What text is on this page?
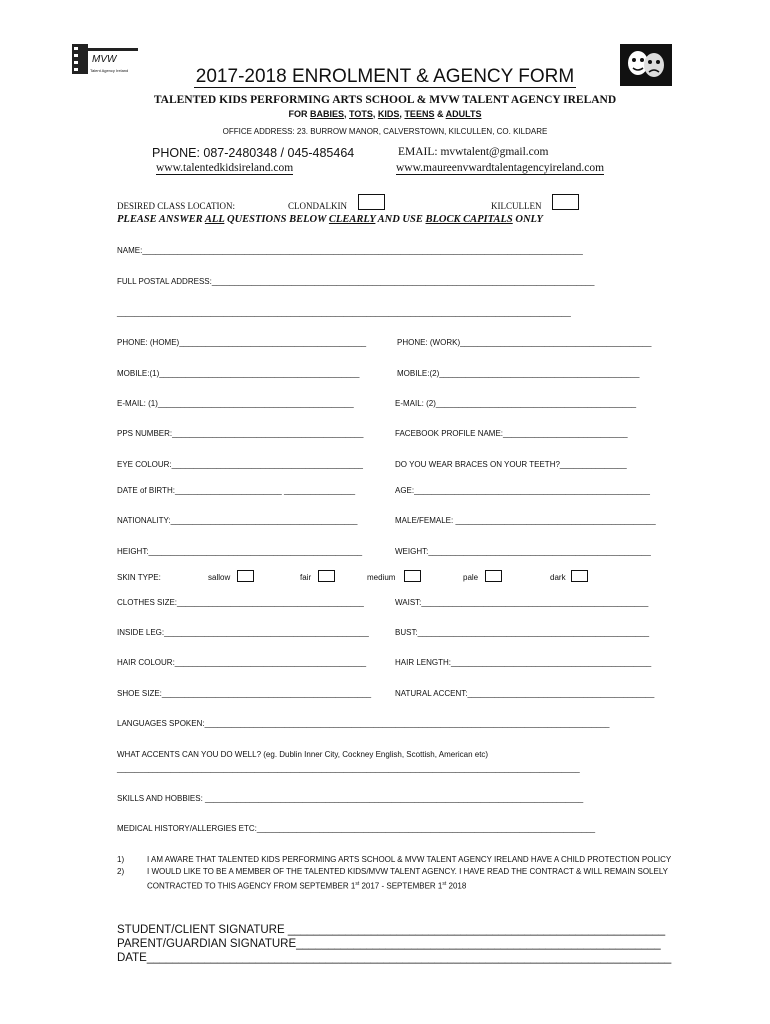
MVW
Talent Agency Ireland	2017-2018 ENROLMENT & AGENCY FORM
TALENTED KIDS PERFORMING ARTS SCHOOL & MVW TALENT AGENCY IRELAND
FOR BABIES, TOTS, KIDS, TEENS & ADULTS
OFFICE ADDRESS: 23. BURROW MANOR, CALVERSTOWN, KILCULLEN, CO. KILDARE
PHONE: 087-2480348 / 045-485464
www.talentedkidsireland.com
EMAIL: mvwtalent@gmail.com
www.maureenvwardtalentagencyireland.com
DESIRED CLASS LOCATION:	CLONDALKIN	KILCULLEN
PLEASE ANSWER ALL QUESTIONS BELOW CLEARLY AND USE BLOCK CAPITALS ONLY
NAME:___________________________________________________________________________________________________
FULL POSTAL ADDRESS:______________________________________________________________________________________
______________________________________________________________________________________________________
PHONE: (HOME)__________________________________________	PHONE: (WORK)___________________________________________
MOBILE:(1)_____________________________________________	MOBILE:(2)_____________________________________________
E-MAIL: (1)____________________________________________	E-MAIL: (2)_____________________________________________
PPS NUMBER:___________________________________________	FACEBOOK PROFILE NAME:____________________________
EYE COLOUR:___________________________________________	DO YOU WEAR BRACES ON YOUR TEETH?_______________
DATE of BIRTH:________________________ ________________	AGE:_____________________________________________________
NATIONALITY:__________________________________________	MALE/FEMALE: _____________________________________________
HEIGHT:________________________________________________	WEIGHT:__________________________________________________
SKIN TYPE:	sallow	fair	medium	pale	dark
CLOTHES SIZE:__________________________________________	WAIST:___________________________________________________
INSIDE LEG:______________________________________________	BUST:____________________________________________________
HAIR COLOUR:___________________________________________	HAIR LENGTH:_____________________________________________
SHOE SIZE:_______________________________________________	NATURAL ACCENT:__________________________________________
LANGUAGES SPOKEN:___________________________________________________________________________________________
WHAT ACCENTS CAN YOU DO WELL? (eg. Dublin Inner City, Cockney English, Scottish, American etc)
________________________________________________________________________________________________________
SKILLS AND HOBBIES: _____________________________________________________________________________________
MEDICAL HISTORY/ALLERGIES ETC:____________________________________________________________________________
1)	I AM AWARE THAT TALENTED KIDS PERFORMING ARTS SCHOOL & MVW TALENT AGENCY IRELAND HAVE A CHILD PROTECTION POLICY
2)	I WOULD LIKE TO BE A MEMBER OF THE TALENTED KIDS/MVW TALENT AGENCY. I HAVE READ THE CONTRACT & WILL REMAIN SOLELY CONTRACTED TO THIS AGENCY FROM SEPTEMBER 1st 2017 - SEPTEMBER 1st 2018
STUDENT/CLIENT SIGNATURE ___________________________________________________________
PARENT/GUARDIAN SIGNATURE_________________________________________________________
DATE__________________________________________________________________________________
